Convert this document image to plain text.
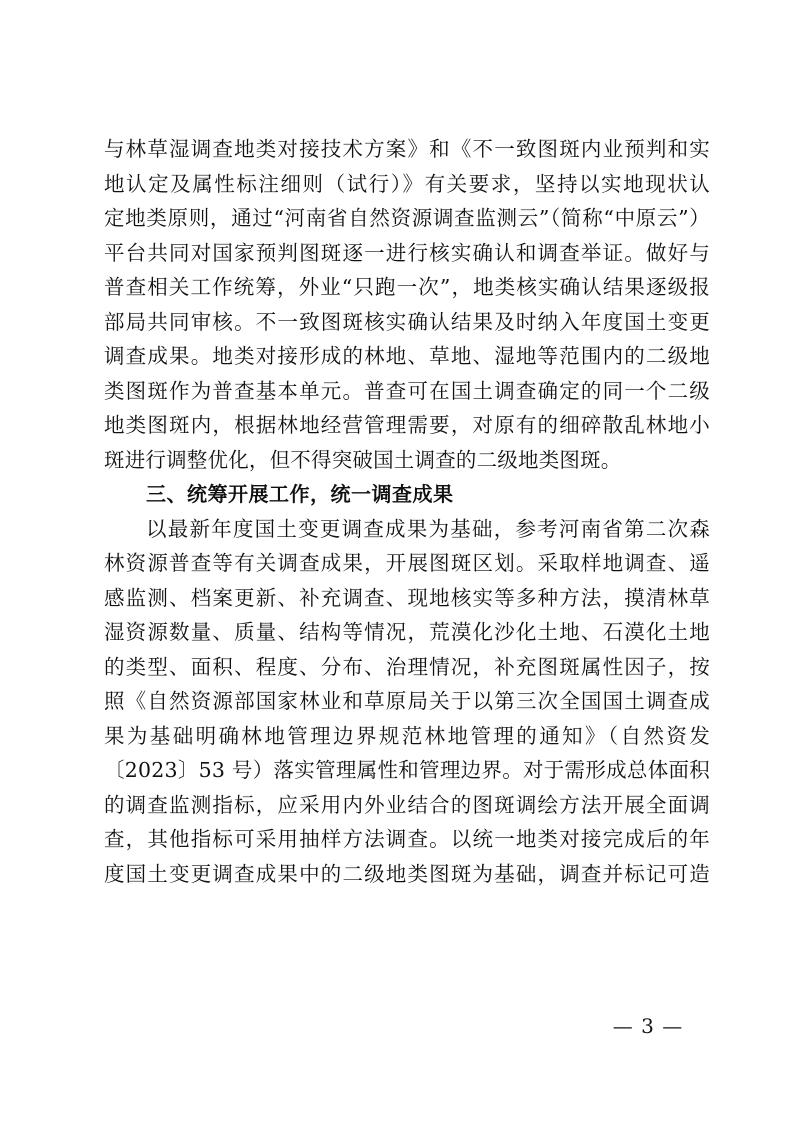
与林草湿调查地类对接技术方案》和《不一致图斑内业预判和实
地认定及属性标注细则（试行）》有关要求，坚持以实地现状认
定地类原则，通过“河南省自然资源调查监测云”（简称“中原云”）
平台共同对国家预判图斑逐一进行核实确认和调查举证。做好与
普查相关工作统筹，外业“只跑一次”，地类核实确认结果逐级报
部局共同审核。不一致图斑核实确认结果及时纳入年度国土变更
调查成果。地类对接形成的林地、草地、湿地等范围内的二级地
类图斑作为普查基本单元。普查可在国土调查确定的同一个二级
地类图斑内，根据林地经营管理需要，对原有的细碎散乱林地小
斑进行调整优化，但不得突破国土调查的二级地类图斑。
三、统筹开展工作，统一调查成果
以最新年度国土变更调查成果为基础，参考河南省第二次森
林资源普查等有关调查成果，开展图斑区划。采取样地调查、遥
感监测、档案更新、补充调查、现地核实等多种方法，摸清林草
湿资源数量、质量、结构等情况，荒漠化沙化土地、石漠化土地
的类型、面积、程度、分布、治理情况，补充图斑属性因子，按
照《自然资源部国家林业和草原局关于以第三次全国国土调查成
果为基础明确林地管理边界规范林地管理的通知》（自然资发
〔2023〕53 号）落实管理属性和管理边界。对于需形成总体面积
的调查监测指标，应采用内外业结合的图斑调绘方法开展全面调
查，其他指标可采用抽样方法调查。以统一地类对接完成后的年
度国土变更调查成果中的二级地类图斑为基础，调查并标记可造
— 3 —
